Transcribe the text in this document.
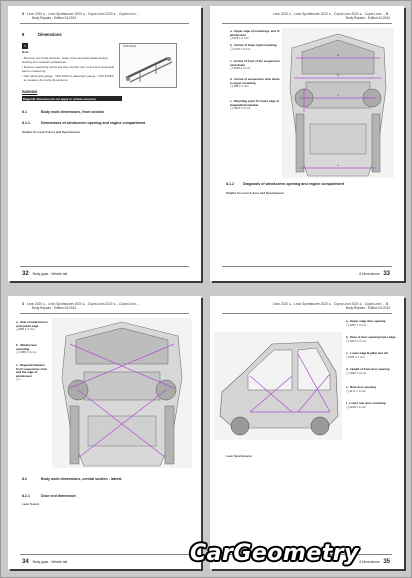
S Leon 2020 ➤ , Leon Sportstourer 2020 ➤ , Cupra Leon 2020 ➤ , Cupra Leon ...
Body Repairs - Edition 04.2024
8	Dimensions
i
Note
• Remove any body stresses, seals, trims and assemblies before starting trim measuring distances.
• Ensure measuring points are free of paint runs, burrs and underseal before measuring.
• Use telescopic gauge - VAS 6134 or telescopic gauge - VAS 6134/2 - to measure the body dimensions.
VAS 6134
WARNING
Diagonal dimension do not apply to vehicle accuracy
8.1	Body work dimensions, front section
8.1.1	Dimensions of windscreen opening and engine compartment
Similar for Leon 5-door and Sportstourer
32 Body gaps - Vehicle dat
Leon 2020 ➤ , Leon Sportstourer 2020 ➤ , Cupra Leon 2020 ➤ , Cupra Leon ... S
Body Repairs - Edition 04.2024
a
b
c
e
a - Upper edge of mountings, end of windscreen
❑ 878 ± 3 mm
b - Centre of lower right mounting
❑ 1472 ± 3 mm
c - Centre of front of the suspension strut dome
❑ 1010 ± 3 mm
d - Centre of suspension strut dome to upper mounting
❑ 188 ± 3 mm
e - Mounting point for lower edge of longitudinal member
❑ 1304 ± 3 mm
8.1.2	Diagonals of windscreen opening and engine compartment
Similar for Leon 5-door and Sportstourer
8 Dimensions 33
S Leon 2020 ➤ , Leon Sportstourer 2020 ➤ , Cupra Leon 2020 ➤ , Cupra Leon ...
Body Repairs - Edition 04.2024
a - Side of windscreen / cowl panel edge
❑ 882 ± 3 mm
b - Windscreen mounting
❑ 1489 ± 3 mm
c - Diagonal between front suspension strut and the edge of windscreen
❑ —
8.2	Body work dimensions, central section - lateral
8.2.1	Door end dimension
Leon 5-door
34 Body gaps - Vehicle dat
Leon 2020 ➤ , Leon Sportstourer 2020 ➤ , Cupra Leon 2020 ➤ , Cupra Leon ... S
Body Repairs - Edition 04.2024
a - Upper edge door opening
❑ 1287 ± 3 mm
b - Rear of door opening lower edge
❑ 1027 ± 3 mm
c - Lower edge B-pillar and sill
❑ 825 ± 3 mm
d - Height of front door opening
❑ 1092 ± 3 mm
e - Rear door opening
❑ 1171 ± 3 mm
f - Lower rear door mounting
❑ 1198 ± 3 mm
Leon Sportstourer
8 Dimensions 35
CarGeometry
